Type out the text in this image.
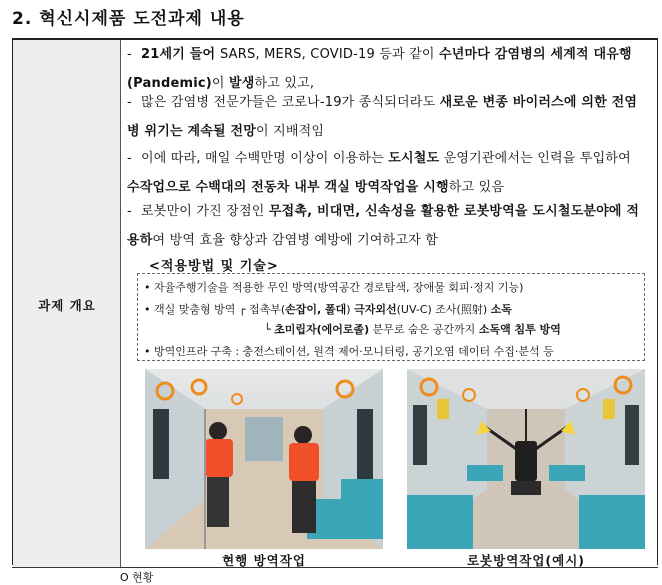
2. 혁신시제품 도전과제 내용
과제 개요
- 21세기 들어 SARS, MERS, COVID-19 등과 같이 수년마다 감염병의 세계적 대유행(Pandemic)이 발생하고 있고,
- 많은 감염병 전문가들은 코로나-19가 종식되더라도 새로운 변종 바이러스에 의한 전염병 위기는 계속될 전망이 지배적임
- 이에 따라, 매일 수백만명 이상이 이용하는 도시철도 운영기관에서는 인력을 투입하여 수작업으로 수백대의 전동차 내부 객실 방역작업을 시행하고 있음
- 로봇만이 가진 장점인 무접촉, 비대면, 신속성을 활용한 로봇방역을 도시철도분야에 적용하여 방역 효율 향상과 감염병 예방에 기여하고자 함
<적용방법 및 기술>
• 자율주행기술을 적용한 무인 방역(방역공간 경로탐색, 장애물 회피·정지 기능)
• 객실 맞춤형 방역 ┌ 접촉부(손잡이, 폴대) 극자외선(UV-C) 조사(照射) 소독
└ 초미립자(에어로졸) 분무로 숨은 공간까지 소독액 침투 방역
• 방역인프라 구축 : 충전스테이션, 원격 제어·모니터링, 공기오염 데이터 수집·분석 등
현행 방역작업	로봇방역작업(예시)
O 현황
